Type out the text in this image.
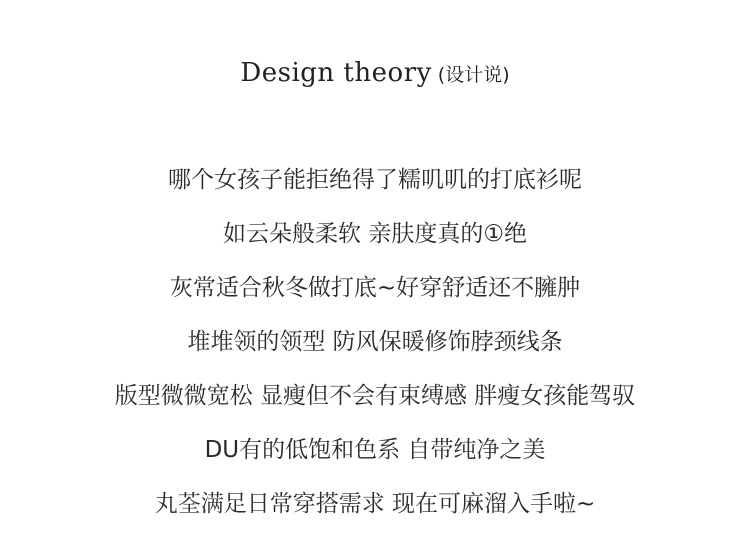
Design theory (设计说)
哪个女孩子能拒绝得了糯叽叽的打底衫呢
如云朵般柔软 亲肤度真的①绝
灰常适合秋冬做打底~好穿舒适还不臃肿
堆堆领的领型 防风保暖修饰脖颈线条
版型微微宽松 显瘦但不会有束缚感 胖瘦女孩能驾驭
DU有的低饱和色系 自带纯净之美
丸荃满足日常穿搭需求 现在可麻溜入手啦~
